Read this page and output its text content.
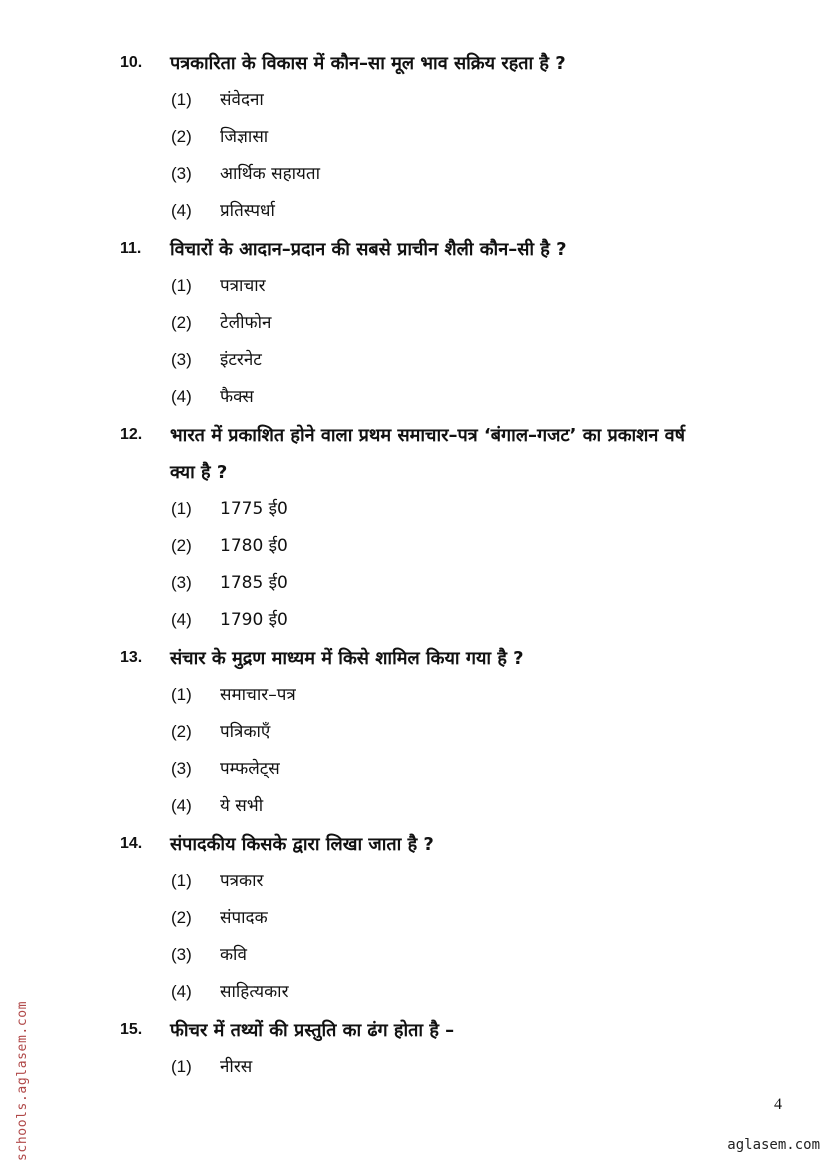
10.	पत्रकारिता के विकास में कौन–सा मूल भाव सक्रिय रहता है ?
(1)	संवेदना
(2)	जिज्ञासा
(3)	आर्थिक सहायता
(4)	प्रतिस्पर्धा
11.	विचारों के आदान–प्रदान की सबसे प्राचीन शैली कौन–सी है ?
(1)	पत्राचार
(2)	टेलीफोन
(3)	इंटरनेट
(4)	फैक्स
12.	भारत में प्रकाशित होने वाला प्रथम समाचार–पत्र ‘बंगाल–गजट’ का प्रकाशन वर्ष क्या है ?
(1)	1775 ई0
(2)	1780 ई0
(3)	1785 ई0
(4)	1790 ई0
13.	संचार के मुद्रण माध्यम में किसे शामिल किया गया है ?
(1)	समाचार–पत्र
(2)	पत्रिकाएँ
(3)	पम्फलेट्स
(4)	ये सभी
14.	संपादकीय किसके द्वारा लिखा जाता है ?
(1)	पत्रकार
(2)	संपादक
(3)	कवि
(4)	साहित्यकार
15.	फीचर में तथ्यों की प्रस्तुति का ढंग होता है –
(1)	नीरस
4
aglasem.com
schools.aglasem.com
